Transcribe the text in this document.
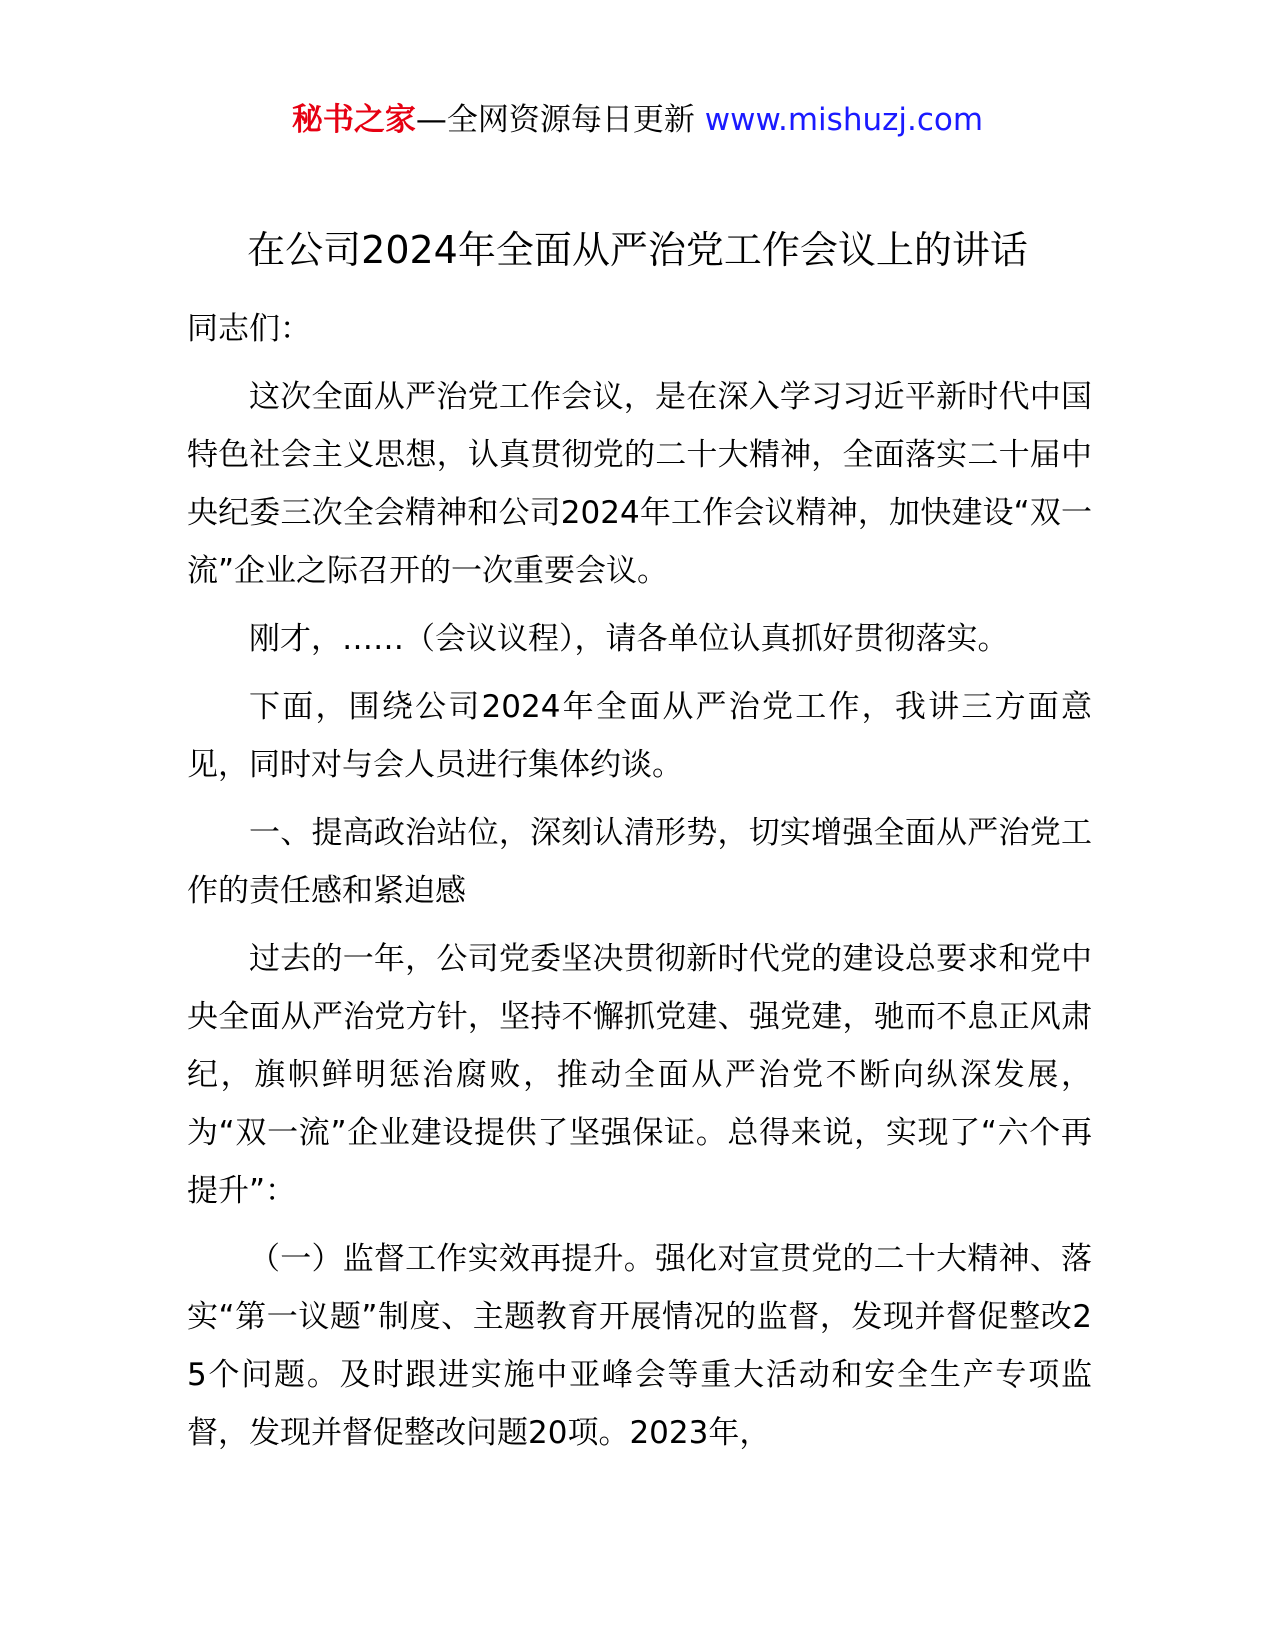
秘书之家—全网资源每日更新 www.mishuzj.com
在公司2024年全面从严治党工作会议上的讲话

同志们：

这次全面从严治党工作会议，是在深入学习习近平新时代中国特色社会主义思想，认真贯彻党的二十大精神，全面落实二十届中央纪委三次全会精神和公司2024年工作会议精神，加快建设“双一流”企业之际召开的一次重要会议。

刚才，……（会议议程），请各单位认真抓好贯彻落实。

下面，围绕公司2024年全面从严治党工作，我讲三方面意见，同时对与会人员进行集体约谈。

一、提高政治站位，深刻认清形势，切实增强全面从严治党工作的责任感和紧迫感

过去的一年，公司党委坚决贯彻新时代党的建设总要求和党中央全面从严治党方针，坚持不懈抓党建、强党建，驰而不息正风肃纪，旗帜鲜明惩治腐败，推动全面从严治党不断向纵深发展，为“双一流”企业建设提供了坚强保证。总得来说，实现了“六个再提升”：

（一）监督工作实效再提升。强化对宣贯党的二十大精神、落实“第一议题”制度、主题教育开展情况的监督，发现并督促整改25个问题。及时跟进实施中亚峰会等重大活动和安全生产专项监督，发现并督促整改问题20项。2023年，
